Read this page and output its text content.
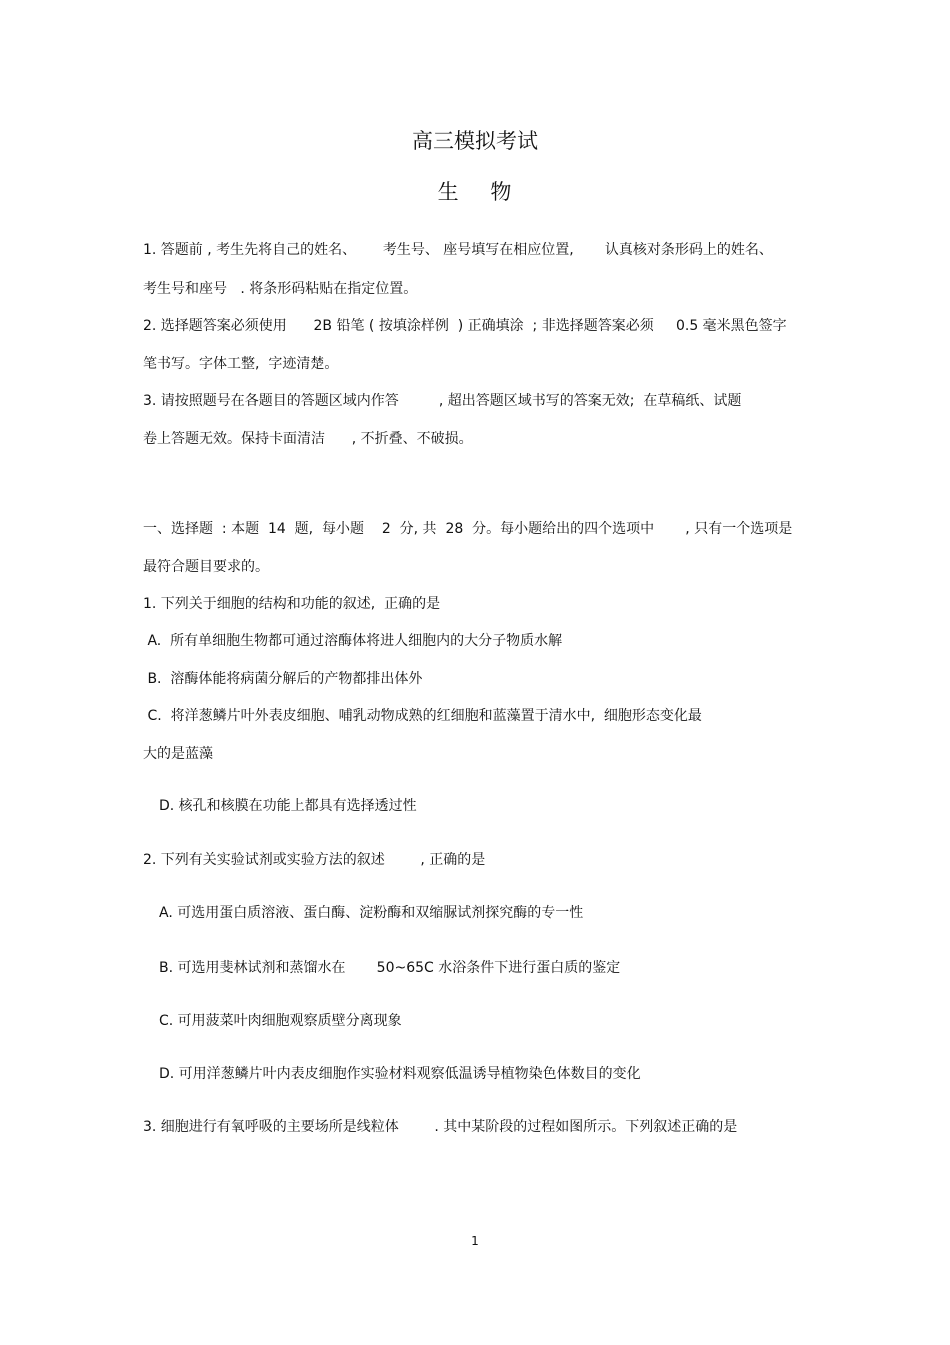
高三模拟考试
生    物
1. 答题前 , 考生先将自己的姓名、      考生号、 座号填写在相应位置,       认真核对条形码上的姓名、
考生号和座号   . 将条形码粘贴在指定位置。
2. 选择题答案必须使用      2B 铅笔 ( 按填涂样例  ) 正确填涂  ; 非选择题答案必须     0.5 毫米黑色签字
笔书写。字体工整,  字迹清楚。
3. 请按照题号在各题目的答题区域内作答         , 超出答题区域书写的答案无效;  在草稿纸、试题
卷上答题无效。保持卡面清洁      , 不折叠、不破损。
一、选择题  : 本题  14  题,  每小题    2  分, 共  28  分。每小题给出的四个选项中       , 只有一个选项是
最符合题目要求的。
1. 下列关于细胞的结构和功能的叙述,  正确的是
A.  所有单细胞生物都可通过溶酶体将进人细胞内的大分子物质水解
B.  溶酶体能将病菌分解后的产物都排出体外
C.  将洋葱鳞片叶外表皮细胞、哺乳动物成熟的红细胞和蓝藻置于清水中,  细胞形态变化最
大的是蓝藻
D. 核孔和核膜在功能上都具有选择透过性
2. 下列有关实验试剂或实验方法的叙述        , 正确的是
A. 可选用蛋白质溶液、蛋白酶、淀粉酶和双缩脲试剂探究酶的专一性
B. 可选用斐林试剂和蒸馏水在       50~65C 水浴条件下进行蛋白质的鉴定
C. 可用菠菜叶肉细胞观察质壁分离现象
D. 可用洋葱鳞片叶内表皮细胞作实验材料观察低温诱导植物染色体数目的变化
3. 细胞进行有氧呼吸的主要场所是线粒体        . 其中某阶段的过程如图所示。下列叙述正确的是
1
